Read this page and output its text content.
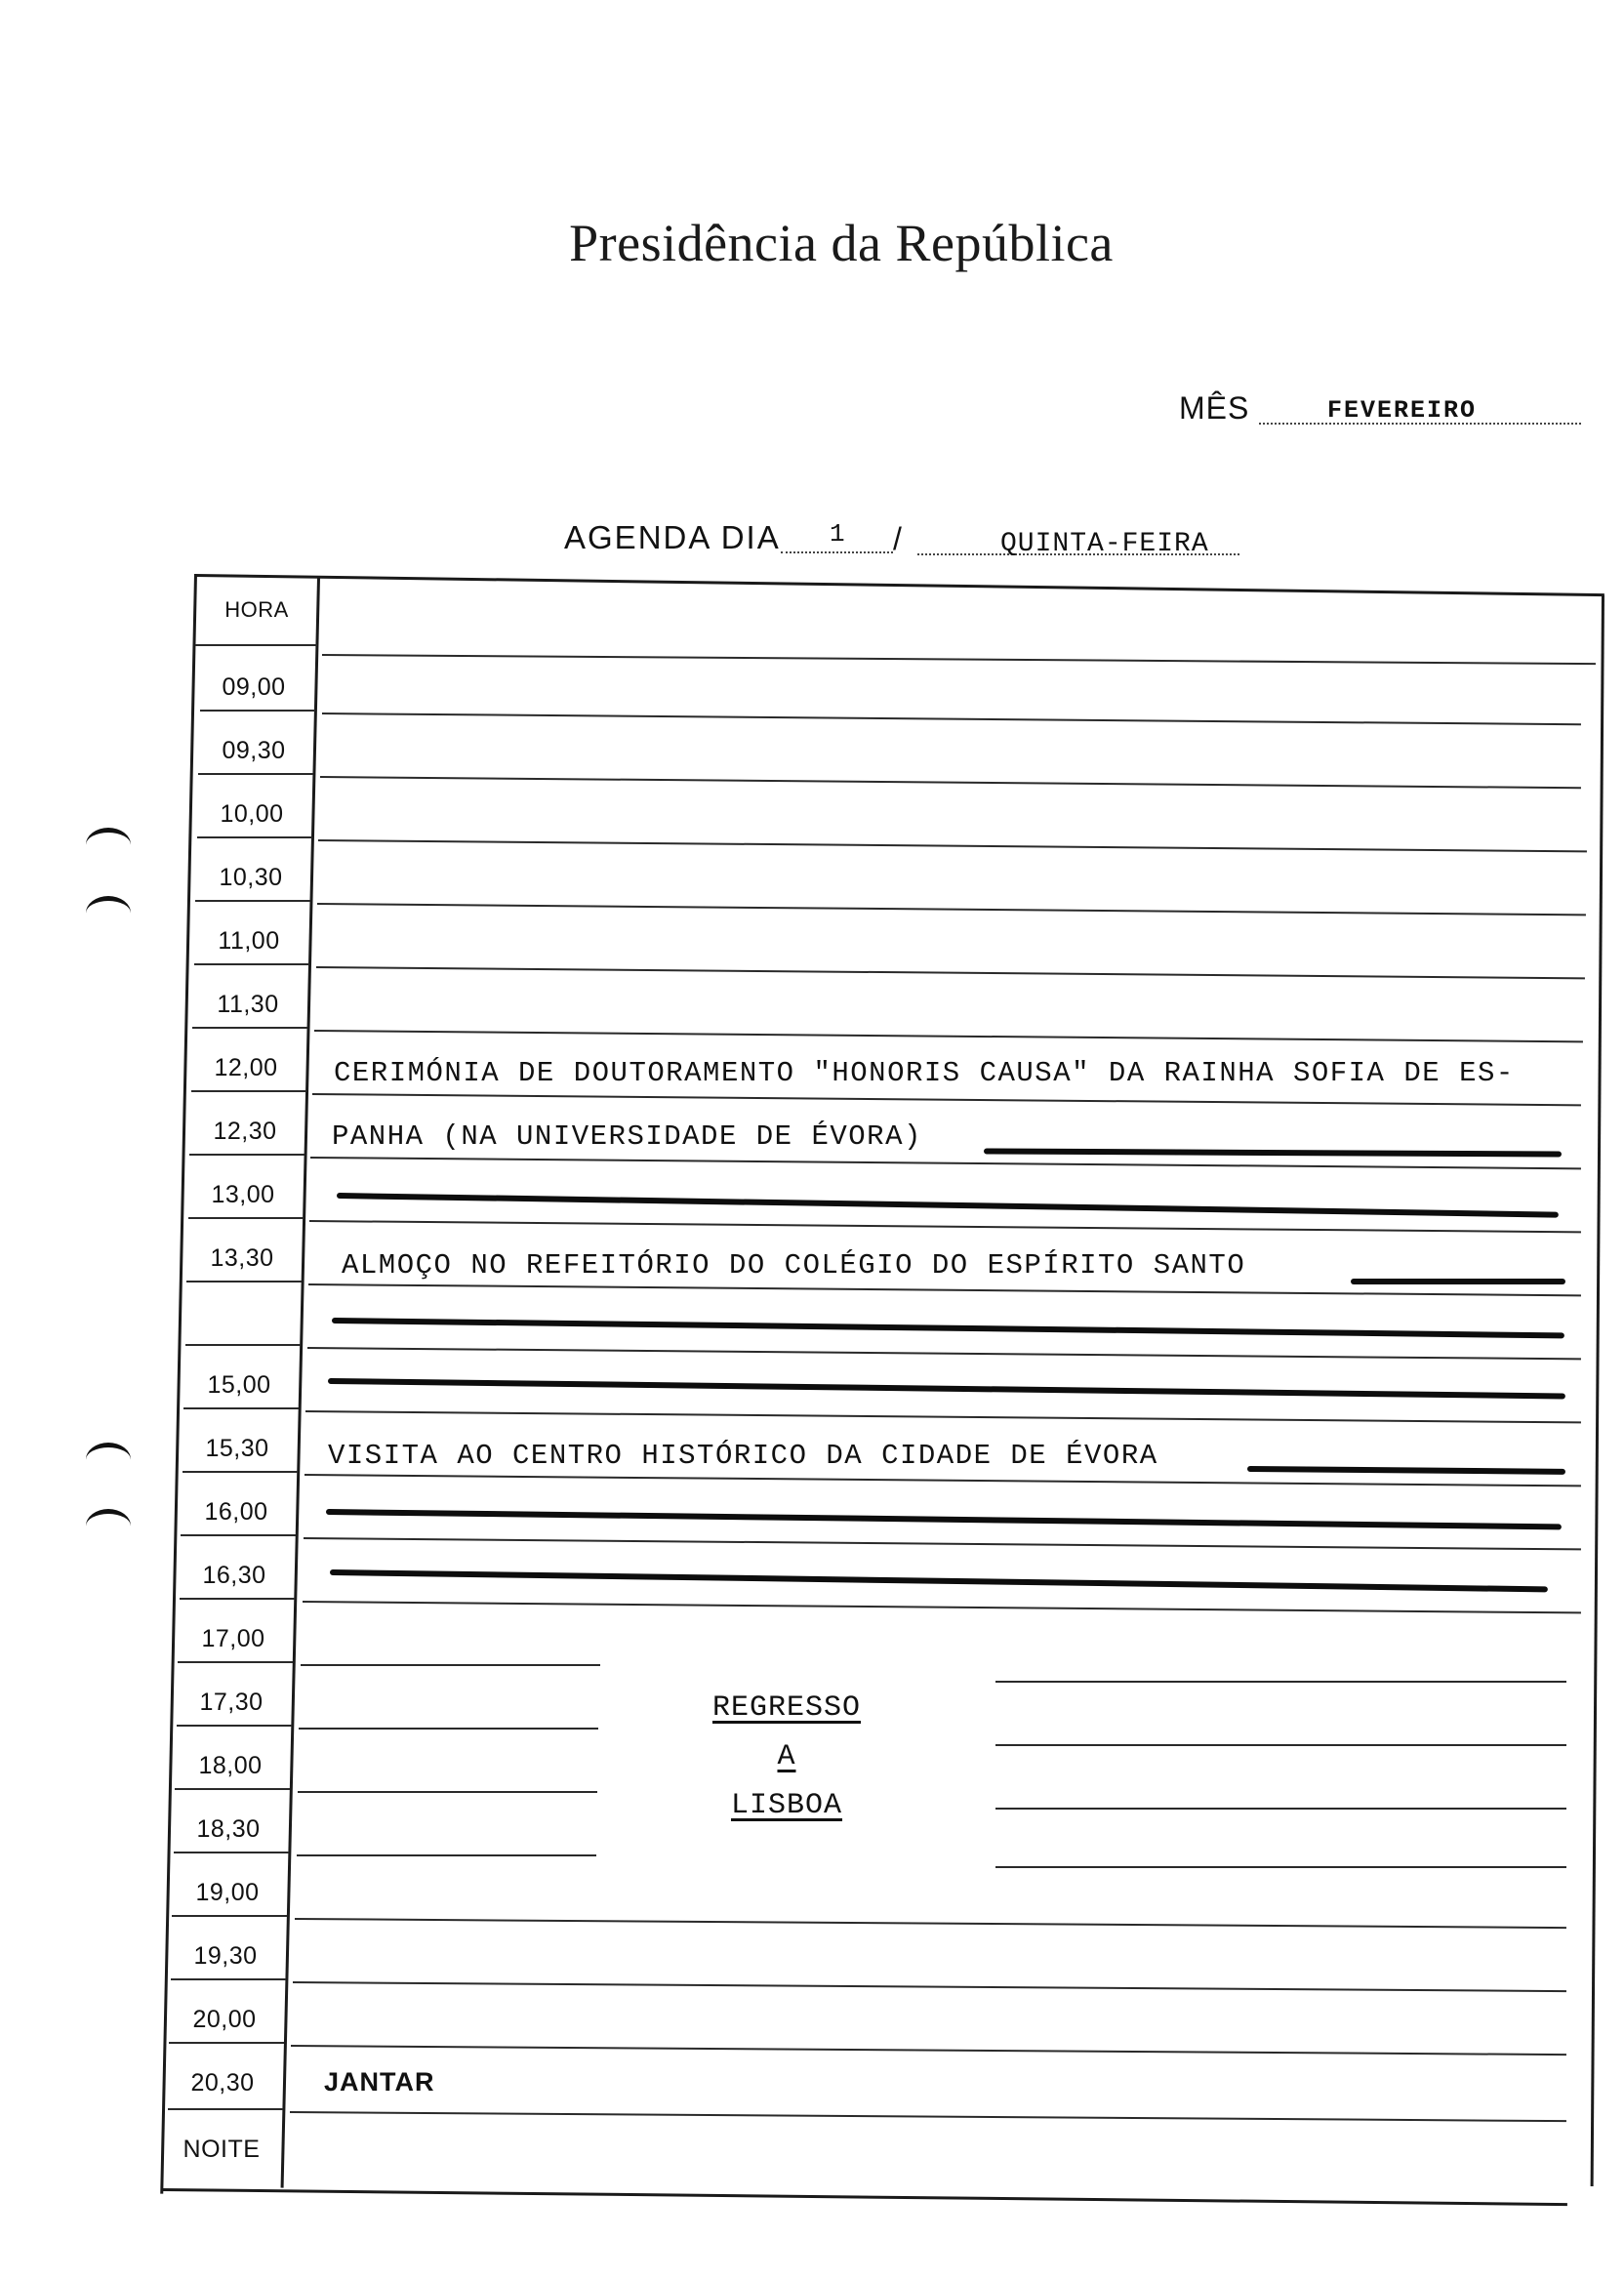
Presidência da República
MÊS	FEVEREIRO
AGENDA DIA 1 /	QUINTA-FEIRA
HORA
09,00
09,30
10,00
10,30
11,00
11,30
12,00
12,30
13,00
13,30
15,00
15,30
16,00
16,30
17,00
17,30
18,00
18,30
19,00
19,30
20,00
20,30
NOITE
CERIMÓNIA DE DOUTORAMENTO "HONORIS CAUSA" DA RAINHA SOFIA DE ES-
PANHA (NA UNIVERSIDADE DE ÉVORA)
ALMOÇO NO REFEITÓRIO DO COLÉGIO DO ESPÍRITO SANTO
VISITA AO CENTRO HISTÓRICO DA CIDADE DE ÉVORA
REGRESSO
A
LISBOA
JANTAR
